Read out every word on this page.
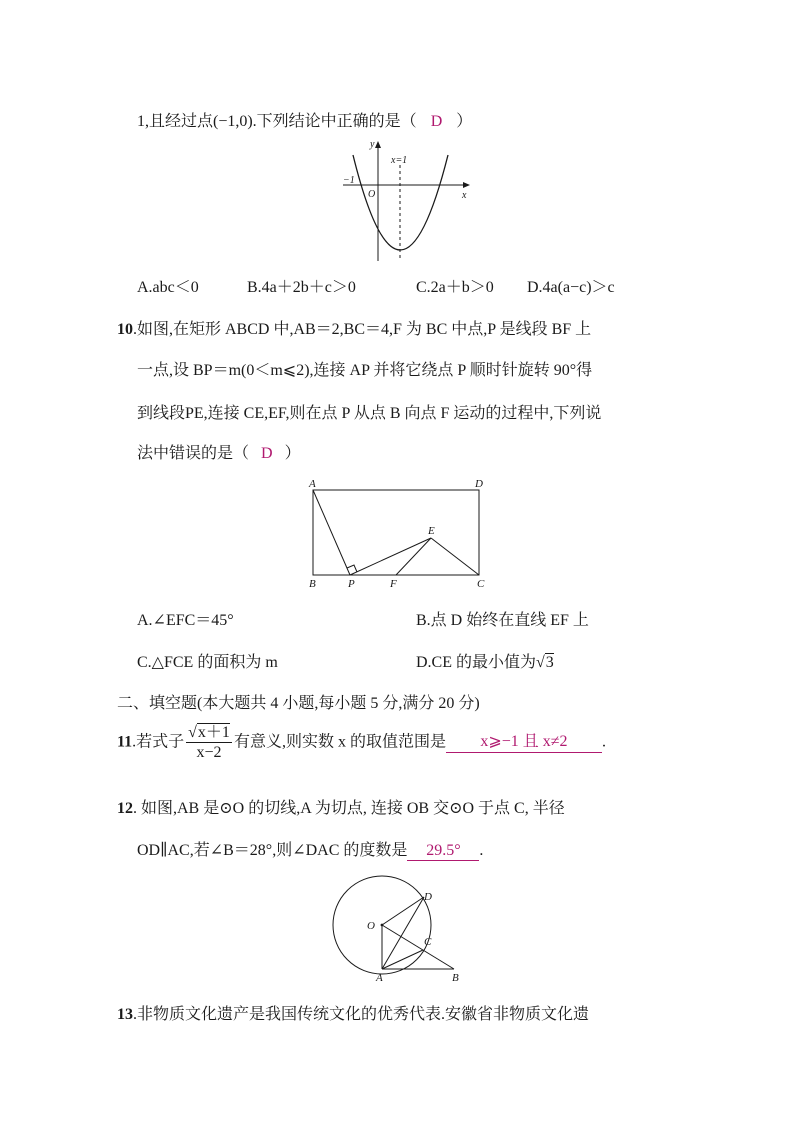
1,且经过点(−1,0).下列结论中正确的是（ D ）
y
x
x=1
−1
O
A.abc＜0	B.4a＋2b＋c＞0	C.2a＋b＞0 D.4a(a−c)＞c
10.如图,在矩形 ABCD 中,AB＝2,BC＝4,F 为 BC 中点,P 是线段 BF 上
一点,设 BP＝m(0＜m⩽2),连接 AP 并将它绕点 P 顺时针旋转 90°得
到线段PE,连接 CE,EF,则在点 P 从点 B 向点 F 运动的过程中,下列说
法中错误的是（ D ）
A	D
B	P	F	C
E
A.∠EFC＝45°	B.点 D 始终在直线 EF 上
C.△FCE 的面积为 m	D.CE 的最小值为√3
二、填空题(本大题共 4 小题,每小题 5 分,满分 20 分)
11.若式子 $\frac{√x+1}{x-2}$ 有意义,则实数 x 的取值范围是 x⩾−1 且 x≠2 .
12. 如图,AB 是⊙O 的切线,A 为切点, 连接 OB 交⊙O 于点 C, 半径
OD∥AC,若∠B＝28°,则∠DAC 的度数是 29.5° .
O
A	B
C
D
13.非物质文化遗产是我国传统文化的优秀代表.安徽省非物质文化遗
